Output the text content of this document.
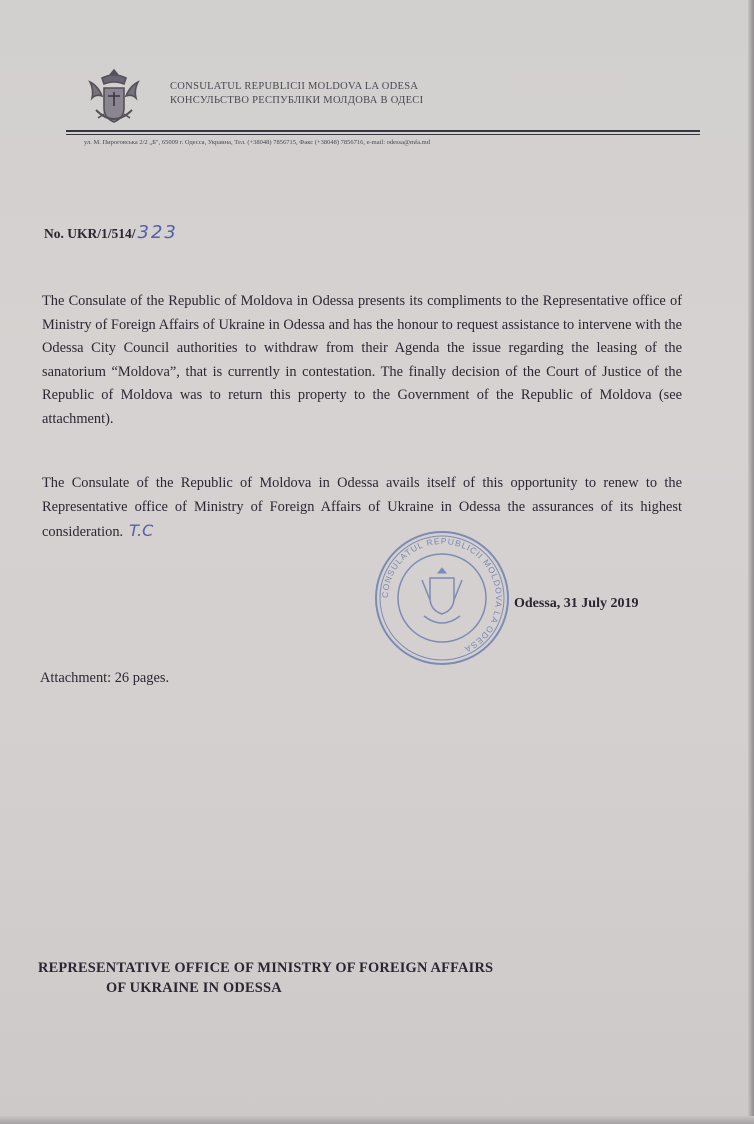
CONSULATUL REPUBLICII MOLDOVA LA ODESA
КОНСУЛЬСТВО РЕСПУБЛІКИ МОЛДОВА В ОДЕСІ
ул. М. Пироговська 2/2 „Б", 65009 г. Одесса, Украина, Тел. (+38048) 7856715, Факс (+38048) 7856716, e-mail: odessa@mfa.md
No. UKR/1/514/ 323
The Consulate of the Republic of Moldova in Odessa presents its compliments to the Representative office of Ministry of Foreign Affairs of Ukraine in Odessa and has the honour to request assistance to intervene with the Odessa City Council authorities to withdraw from their Agenda the issue regarding the leasing of the sanatorium “Moldova”, that is currently in contestation. The finally decision of the Court of Justice of the Republic of Moldova was to return this property to the Government of the Republic of Moldova (see attachment).
The Consulate of the Republic of Moldova in Odessa avails itself of this opportunity to renew to the Representative office of Ministry of Foreign Affairs of Ukraine in Odessa the assurances of its highest consideration. T.C
CONSULATUL REPUBLICII MOLDOVA LA ODESA
Odessa, 31 July 2019
Attachment: 26 pages.
REPRESENTATIVE OFFICE OF MINISTRY OF FOREIGN AFFAIRS
OF UKRAINE IN ODESSA
